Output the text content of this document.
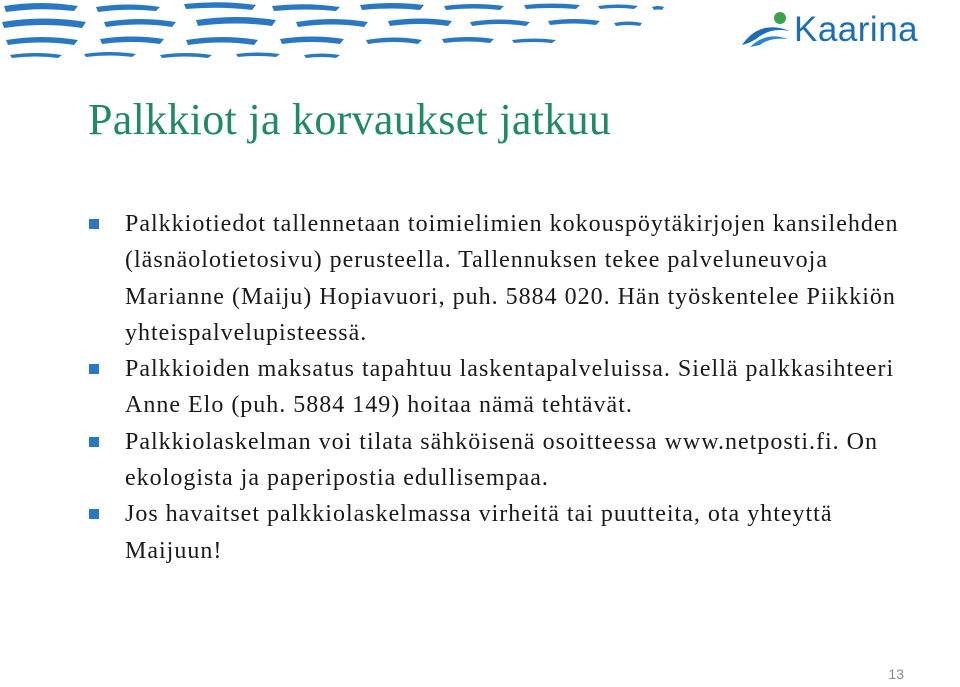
Kaarina
Palkkiot ja korvaukset jatkuu
Palkkiotiedot tallennetaan toimielimien kokouspöytäkirjojen kansilehden (läsnäolotietosivu) perusteella. Tallennuksen tekee palveluneuvoja Marianne (Maiju) Hopiavuori, puh. 5884 020. Hän työskentelee Piikkiön yhteispalvelupisteessä.
Palkkioiden maksatus tapahtuu laskentapalveluissa. Siellä palkkasihteeri Anne Elo (puh. 5884 149) hoitaa nämä tehtävät.
Palkkiolaskelman voi tilata sähköisenä osoitteessa www.netposti.fi. On ekologista ja paperipostia edullisempaa.
Jos havaitset palkkiolaskelmassa virheitä tai puutteita, ota yhteyttä Maijuun!
13
